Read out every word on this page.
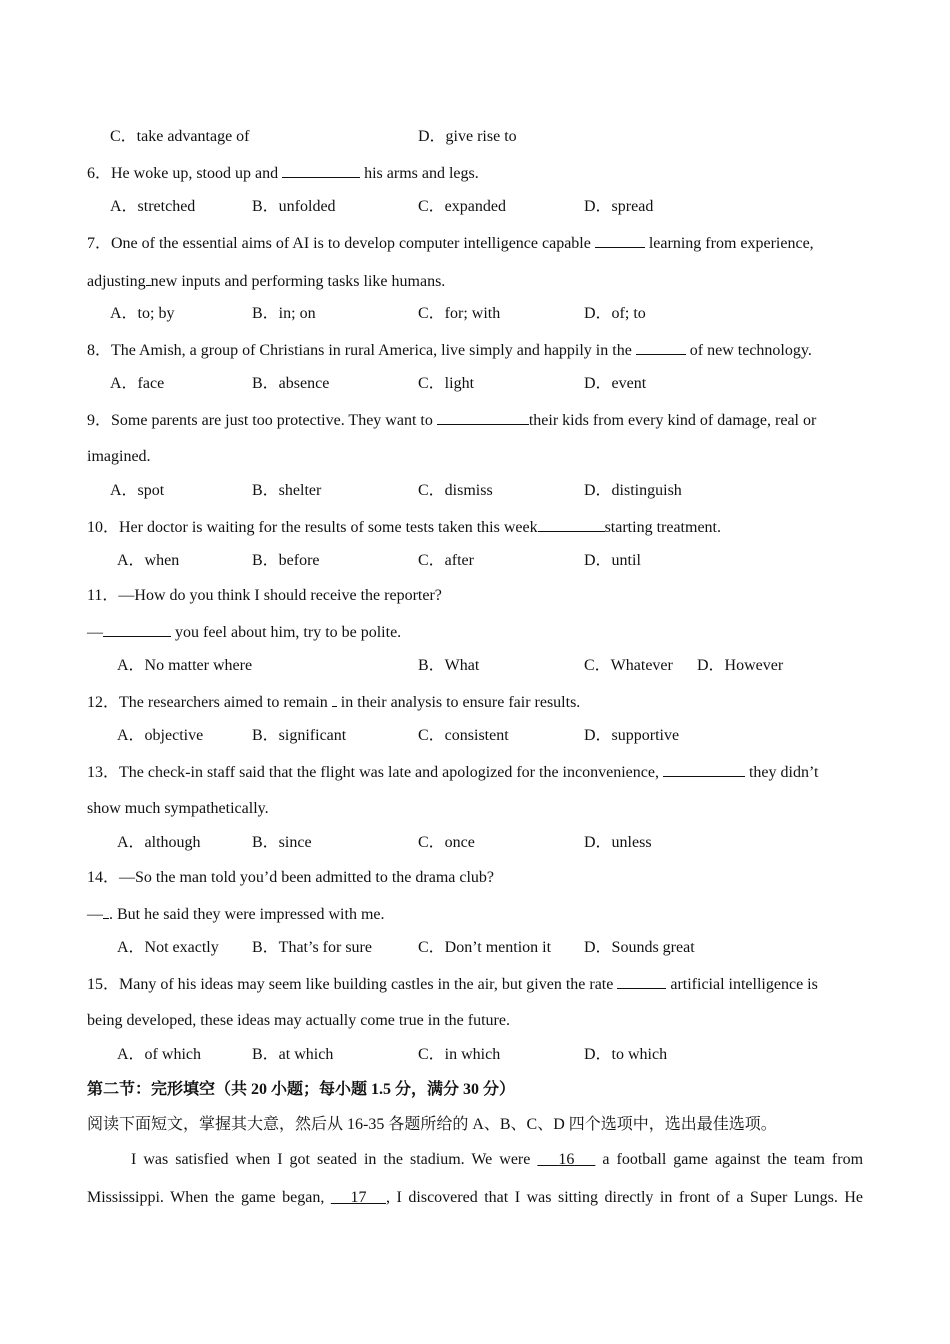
C．take advantage of	D．give rise to
6．He woke up, stood up and	his arms and legs.
A．stretched	B．unfolded	C．expanded	D．spread
7．One of the essential aims of AI is to develop computer intelligence capable	learning from experience,
adjusting new inputs and performing tasks like humans.
A．to; by	B．in; on	C．for; with	D．of; to
8．The Amish, a group of Christians in rural America, live simply and happily in the	of new technology.
A．face	B．absence	C．light	D．event
9．Some parents are just too protective. They want to	their kids from every kind of damage, real or
imagined.
A．spot	B．shelter	C．dismiss	D．distinguish
10．Her doctor is waiting for the results of some tests taken this week	starting treatment.
A．when	B．before	C．after	D．until
11．—How do you think I should receive the reporter?
—	you feel about him, try to be polite.
A．No matter where	B．What	C．Whatever D．However
12．The researchers aimed to remain  in their analysis to ensure fair results.
A．objective	B．significant	C．consistent	D．supportive
13．The check-in staff said that the flight was late and apologized for the inconvenience,	they didn’t
show much sympathetically.
A．although	B．since	C．once	D．unless
14．—So the man told you’d been admitted to the drama club?
— . But he said they were impressed with me.
A．Not exactly B．That’s for sure	C．Don’t mention it D．Sounds great
15．Many of his ideas may seem like building castles in the air, but given the rate	artificial intelligence is
being developed, these ideas may actually come true in the future.
A．of which	B．at which	C．in which	D．to which
第二节：完形填空（共 20 小题；每小题 1.5 分，满分 30 分）
阅读下面短文，掌握其大意，然后从 16-35 各题所给的 A、B、C、D 四个选项中，选出最佳选项。
I was satisfied when I got seated in the stadium. We were    16    a football game against the team from
Mississippi. When the game began,    17 , I discovered that I was sitting directly in front of a Super Lungs. He
